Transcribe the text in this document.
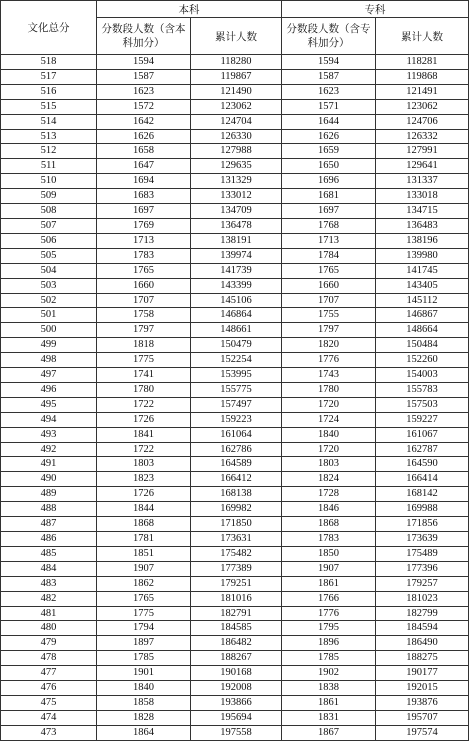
文化总分	本科		专科	
	分数段人数（含本科加分）	累计人数	分数段人数（含专科加分）	累计人数
518	1594	118280	1594	118281
517	1587	119867	1587	119868
516	1623	121490	1623	121491
515	1572	123062	1571	123062
514	1642	124704	1644	124706
513	1626	126330	1626	126332
512	1658	127988	1659	127991
511	1647	129635	1650	129641
510	1694	131329	1696	131337
509	1683	133012	1681	133018
508	1697	134709	1697	134715
507	1769	136478	1768	136483
506	1713	138191	1713	138196
505	1783	139974	1784	139980
504	1765	141739	1765	141745
503	1660	143399	1660	143405
502	1707	145106	1707	145112
501	1758	146864	1755	146867
500	1797	148661	1797	148664
499	1818	150479	1820	150484
498	1775	152254	1776	152260
497	1741	153995	1743	154003
496	1780	155775	1780	155783
495	1722	157497	1720	157503
494	1726	159223	1724	159227
493	1841	161064	1840	161067
492	1722	162786	1720	162787
491	1803	164589	1803	164590
490	1823	166412	1824	166414
489	1726	168138	1728	168142
488	1844	169982	1846	169988
487	1868	171850	1868	171856
486	1781	173631	1783	173639
485	1851	175482	1850	175489
484	1907	177389	1907	177396
483	1862	179251	1861	179257
482	1765	181016	1766	181023
481	1775	182791	1776	182799
480	1794	184585	1795	184594
479	1897	186482	1896	186490
478	1785	188267	1785	188275
477	1901	190168	1902	190177
476	1840	192008	1838	192015
475	1858	193866	1861	193876
474	1828	195694	1831	195707
473	1864	197558	1867	197574
